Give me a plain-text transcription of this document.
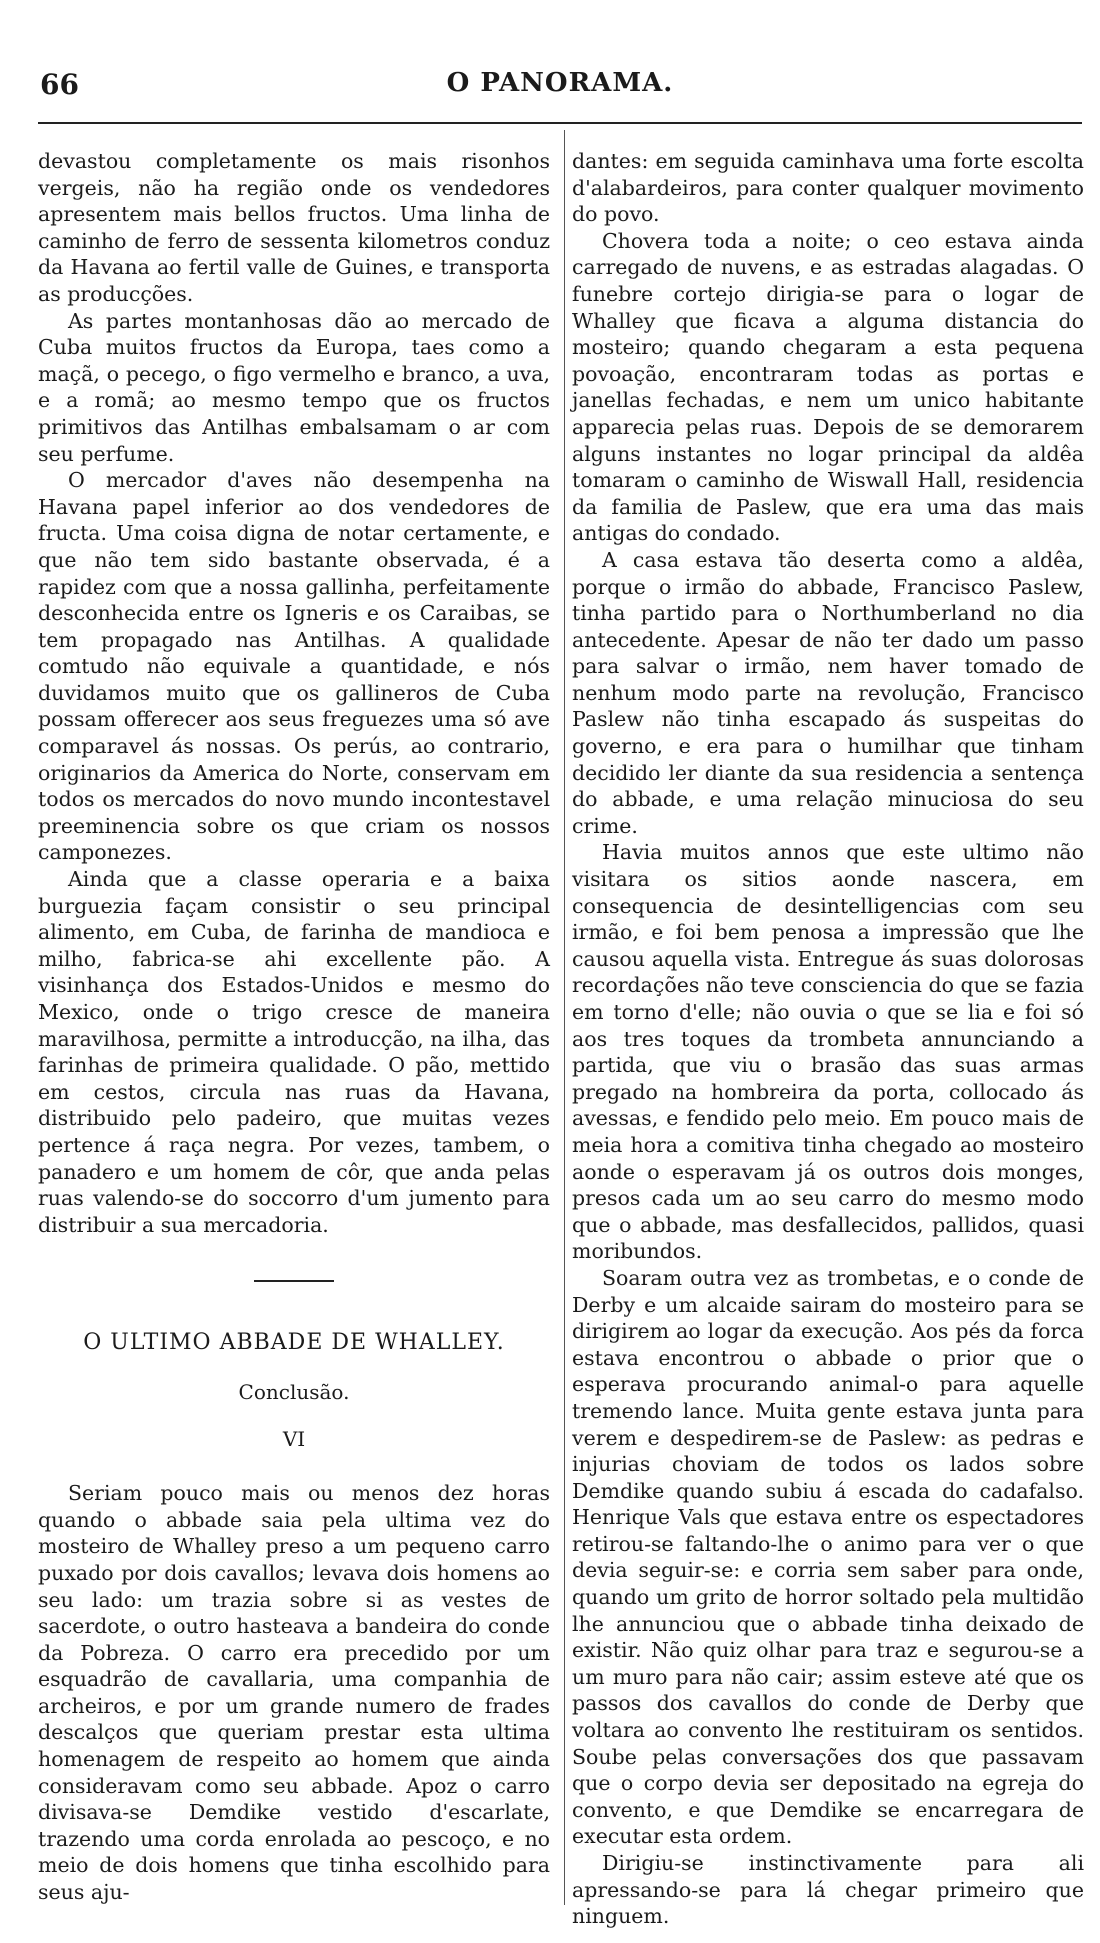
66	O PANORAMA.

devastou completamente os mais risonhos vergeis, não ha região onde os vendedores apresentem mais bellos fructos. Uma linha de caminho de ferro de sessenta kilometros conduz da Havana ao fertil valle de Guines, e transporta as producções.

As partes montanhosas dão ao mercado de Cuba muitos fructos da Europa, taes como a maçã, o pecego, o figo vermelho e branco, a uva, e a romã; ao mesmo tempo que os fructos primitivos das Antilhas embalsamam o ar com seu perfume.

O mercador d'aves não desempenha na Havana papel inferior ao dos vendedores de fructa. Uma coisa digna de notar certamente, e que não tem sido bastante observada, é a rapidez com que a nossa gallinha, perfeitamente desconhecida entre os Igneris e os Caraibas, se tem propagado nas Antilhas. A qualidade comtudo não equivale a quantidade, e nós duvidamos muito que os gallineros de Cuba possam offerecer aos seus freguezes uma só ave comparavel ás nossas. Os perús, ao contrario, originarios da America do Norte, conservam em todos os mercados do novo mundo incontestavel preeminencia sobre os que criam os nossos camponezes.

Ainda que a classe operaria e a baixa burguezia façam consistir o seu principal alimento, em Cuba, de farinha de mandioca e milho, fabrica-se ahi excellente pão. A visinhança dos Estados-Unidos e mesmo do Mexico, onde o trigo cresce de maneira maravilhosa, permitte a introducção, na ilha, das farinhas de primeira qualidade. O pão, mettido em cestos, circula nas ruas da Havana, distribuido pelo padeiro, que muitas vezes pertence á raça negra. Por vezes, tambem, o panadero e um homem de côr, que anda pelas ruas valendo-se do soccorro d'um jumento para distribuir a sua mercadoria.

O ULTIMO ABBADE DE WHALLEY.
Conclusão.
VI

Seriam pouco mais ou menos dez horas quando o abbade saia pela ultima vez do mosteiro de Whalley preso a um pequeno carro puxado por dois cavallos; levava dois homens ao seu lado: um trazia sobre si as vestes de sacerdote, o outro hasteava a bandeira do conde da Pobreza. O carro era precedido por um esquadrão de cavallaria, uma companhia de archeiros, e por um grande numero de frades descalços que queriam prestar esta ultima homenagem de respeito ao homem que ainda consideravam como seu abbade. Apoz o carro divisava-se Demdike vestido d'escarlate, trazendo uma corda enrolada ao pescoço, e no meio de dois homens que tinha escolhido para seus aju-

dantes: em seguida caminhava uma forte escolta d'alabardeiros, para conter qualquer movimento do povo.

Chovera toda a noite; o ceo estava ainda carregado de nuvens, e as estradas alagadas. O funebre cortejo dirigia-se para o logar de Whalley que ficava a alguma distancia do mosteiro; quando chegaram a esta pequena povoação, encontraram todas as portas e janellas fechadas, e nem um unico habitante apparecia pelas ruas. Depois de se demorarem alguns instantes no logar principal da aldêa tomaram o caminho de Wiswall Hall, residencia da familia de Paslew, que era uma das mais antigas do condado.

A casa estava tão deserta como a aldêa, porque o irmão do abbade, Francisco Paslew, tinha partido para o Northumberland no dia antecedente. Apesar de não ter dado um passo para salvar o irmão, nem haver tomado de nenhum modo parte na revolução, Francisco Paslew não tinha escapado ás suspeitas do governo, e era para o humilhar que tinham decidido ler diante da sua residencia a sentença do abbade, e uma relação minuciosa do seu crime.

Havia muitos annos que este ultimo não visitara os sitios aonde nascera, em consequencia de desintelligencias com seu irmão, e foi bem penosa a impressão que lhe causou aquella vista. Entregue ás suas dolorosas recordações não teve consciencia do que se fazia em torno d'elle; não ouvia o que se lia e foi só aos tres toques da trombeta annunciando a partida, que viu o brasão das suas armas pregado na hombreira da porta, collocado ás avessas, e fendido pelo meio. Em pouco mais de meia hora a comitiva tinha chegado ao mosteiro aonde o esperavam já os outros dois monges, presos cada um ao seu carro do mesmo modo que o abbade, mas desfallecidos, pallidos, quasi moribundos.

Soaram outra vez as trombetas, e o conde de Derby e um alcaide sairam do mosteiro para se dirigirem ao logar da execução. Aos pés da forca estava encontrou o abbade o prior que o esperava procurando animal-o para aquelle tremendo lance. Muita gente estava junta para verem e despedirem-se de Paslew: as pedras e injurias choviam de todos os lados sobre Demdike quando subiu á escada do cadafalso. Henrique Vals que estava entre os espectadores retirou-se faltando-lhe o animo para ver o que devia seguir-se: e corria sem saber para onde, quando um grito de horror soltado pela multidão lhe annunciou que o abbade tinha deixado de existir. Não quiz olhar para traz e segurou-se a um muro para não cair; assim esteve até que os passos dos cavallos do conde de Derby que voltara ao convento lhe restituiram os sentidos. Soube pelas conversações dos que passavam que o corpo devia ser depositado na egreja do convento, e que Demdike se encarregara de executar esta ordem.

Dirigiu-se instinctivamente para ali apressando-se para lá chegar primeiro que ninguem.
